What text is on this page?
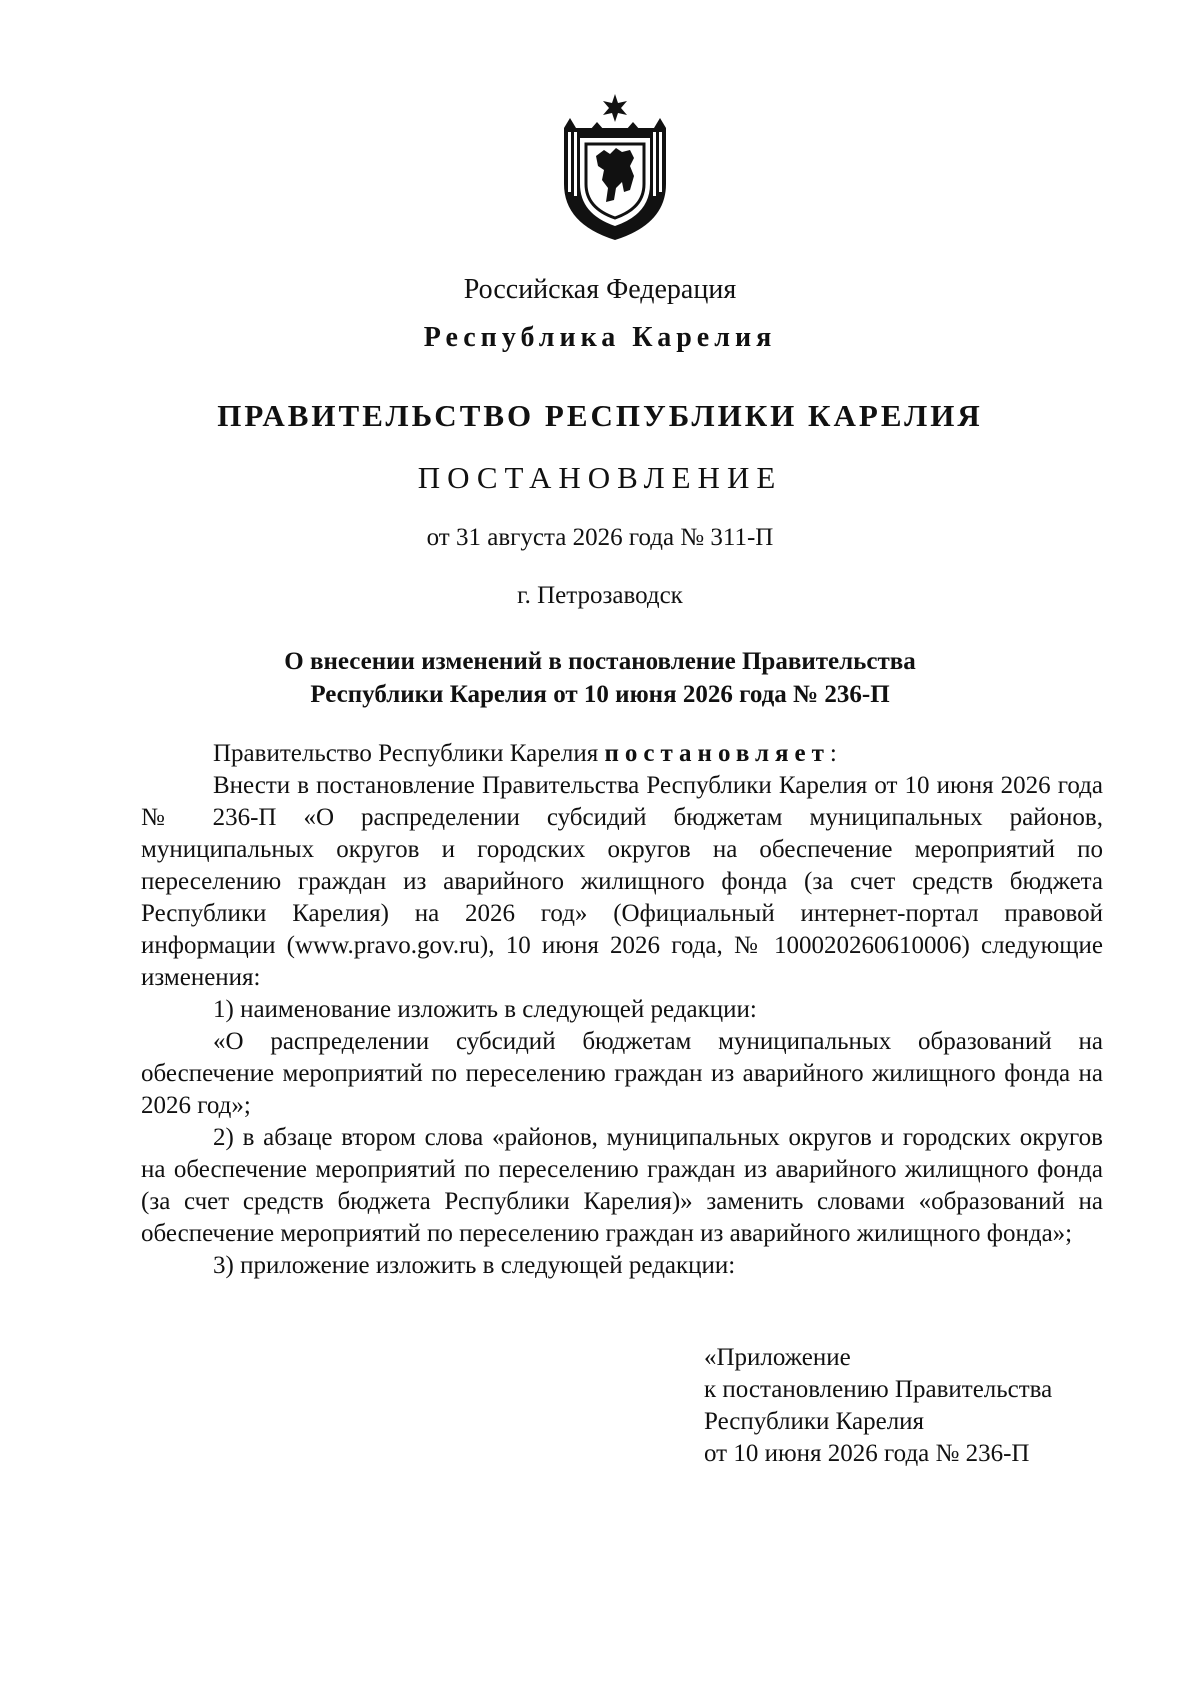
Российская Федерация
Республика Карелия
ПРАВИТЕЛЬСТВО РЕСПУБЛИКИ КАРЕЛИЯ
ПОСТАНОВЛЕНИЕ
от 31 августа 2026 года № 311-П
г. Петрозаводск
О внесении изменений в постановление Правительства
Республики Карелия от 10 июня 2026 года № 236-П

Правительство Республики Карелия постановляет:

Внести в постановление Правительства Республики Карелия от 10 июня 2026 года № 236-П «О распределении субсидий бюджетам муниципальных районов, муниципальных округов и городских округов на обеспечение мероприятий по переселению граждан из аварийного жилищного фонда (за счет средств бюджета Республики Карелия) на 2026 год» (Официальный интернет-портал правовой информации (www.pravo.gov.ru), 10 июня 2026 года, № 100020260610006) следующие изменения:

1) наименование изложить в следующей редакции:

«О распределении субсидий бюджетам муниципальных образований на обеспечение мероприятий по переселению граждан из аварийного жилищного фонда на 2026 год»;

2) в абзаце втором слова «районов, муниципальных округов и городских округов на обеспечение мероприятий по переселению граждан из аварийного жилищного фонда (за счет средств бюджета Республики Карелия)» заменить словами «образований на обеспечение мероприятий по переселению граждан из аварийного жилищного фонда»;

3) приложение изложить в следующей редакции:

«Приложение
к постановлению Правительства
Республики Карелия
от 10 июня 2026 года № 236-П
